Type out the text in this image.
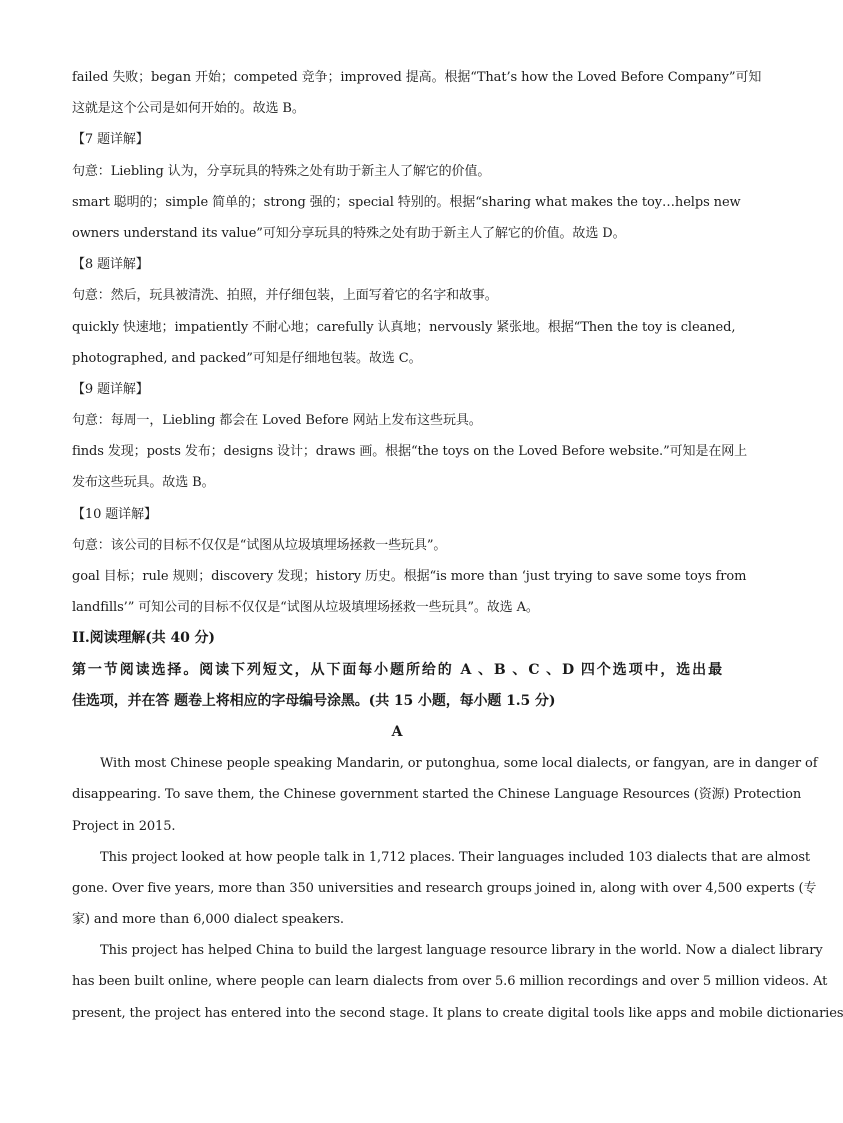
failed 失败；began 开始；competed 竞争；improved 提高。根据“That’s how the Loved Before Company”可知
这就是这个公司是如何开始的。故选 B。
【7 题详解】
句意：Liebling 认为，分享玩具的特殊之处有助于新主人了解它的价值。
smart 聪明的；simple 简单的；strong 强的；special 特别的。根据“sharing what makes the toy…helps new
owners understand its value”可知分享玩具的特殊之处有助于新主人了解它的价值。故选 D。
【8 题详解】
句意：然后，玩具被清洗、拍照，并仔细包装，上面写着它的名字和故事。
quickly 快速地；impatiently 不耐心地；carefully 认真地；nervously 紧张地。根据“Then the toy is cleaned,
photographed, and packed”可知是仔细地包装。故选 C。
【9 题详解】
句意：每周一，Liebling 都会在 Loved Before 网站上发布这些玩具。
finds 发现；posts 发布；designs 设计；draws 画。根据“the toys on the Loved Before website.”可知是在网上
发布这些玩具。故选 B。
【10 题详解】
句意：该公司的目标不仅仅是“试图从垃圾填埋场拯救一些玩具”。
goal 目标；rule 规则；discovery 发现；history 历史。根据“is more than ‘just trying to save some toys from
landfills’” 可知公司的目标不仅仅是“试图从垃圾填埋场拯救一些玩具”。故选 A。
II.阅读理解(共 40 分)
第一节阅读选择。阅读下列短文，从下面每小题所给的 A 、B 、C 、D 四个选项中，选出最
佳选项，并在答 题卷上将相应的字母编号涂黑。(共 15 小题，每小题 1.5 分)
A
With most Chinese people speaking Mandarin, or putonghua, some local dialects, or fangyan, are in danger of
disappearing. To save them, the Chinese government started the Chinese Language Resources (资源) Protection
Project in 2015.
This project looked at how people talk in 1,712 places. Their languages included 103 dialects that are almost
gone. Over five years, more than 350 universities and research groups joined in, along with over 4,500 experts (专
家) and more than 6,000 dialect speakers.
This project has helped China to build the largest language resource library in the world. Now a dialect library
has been built online, where people can learn dialects from over 5.6 million recordings and over 5 million videos. At
present, the project has entered into the second stage. It plans to create digital tools like apps and mobile dictionaries
